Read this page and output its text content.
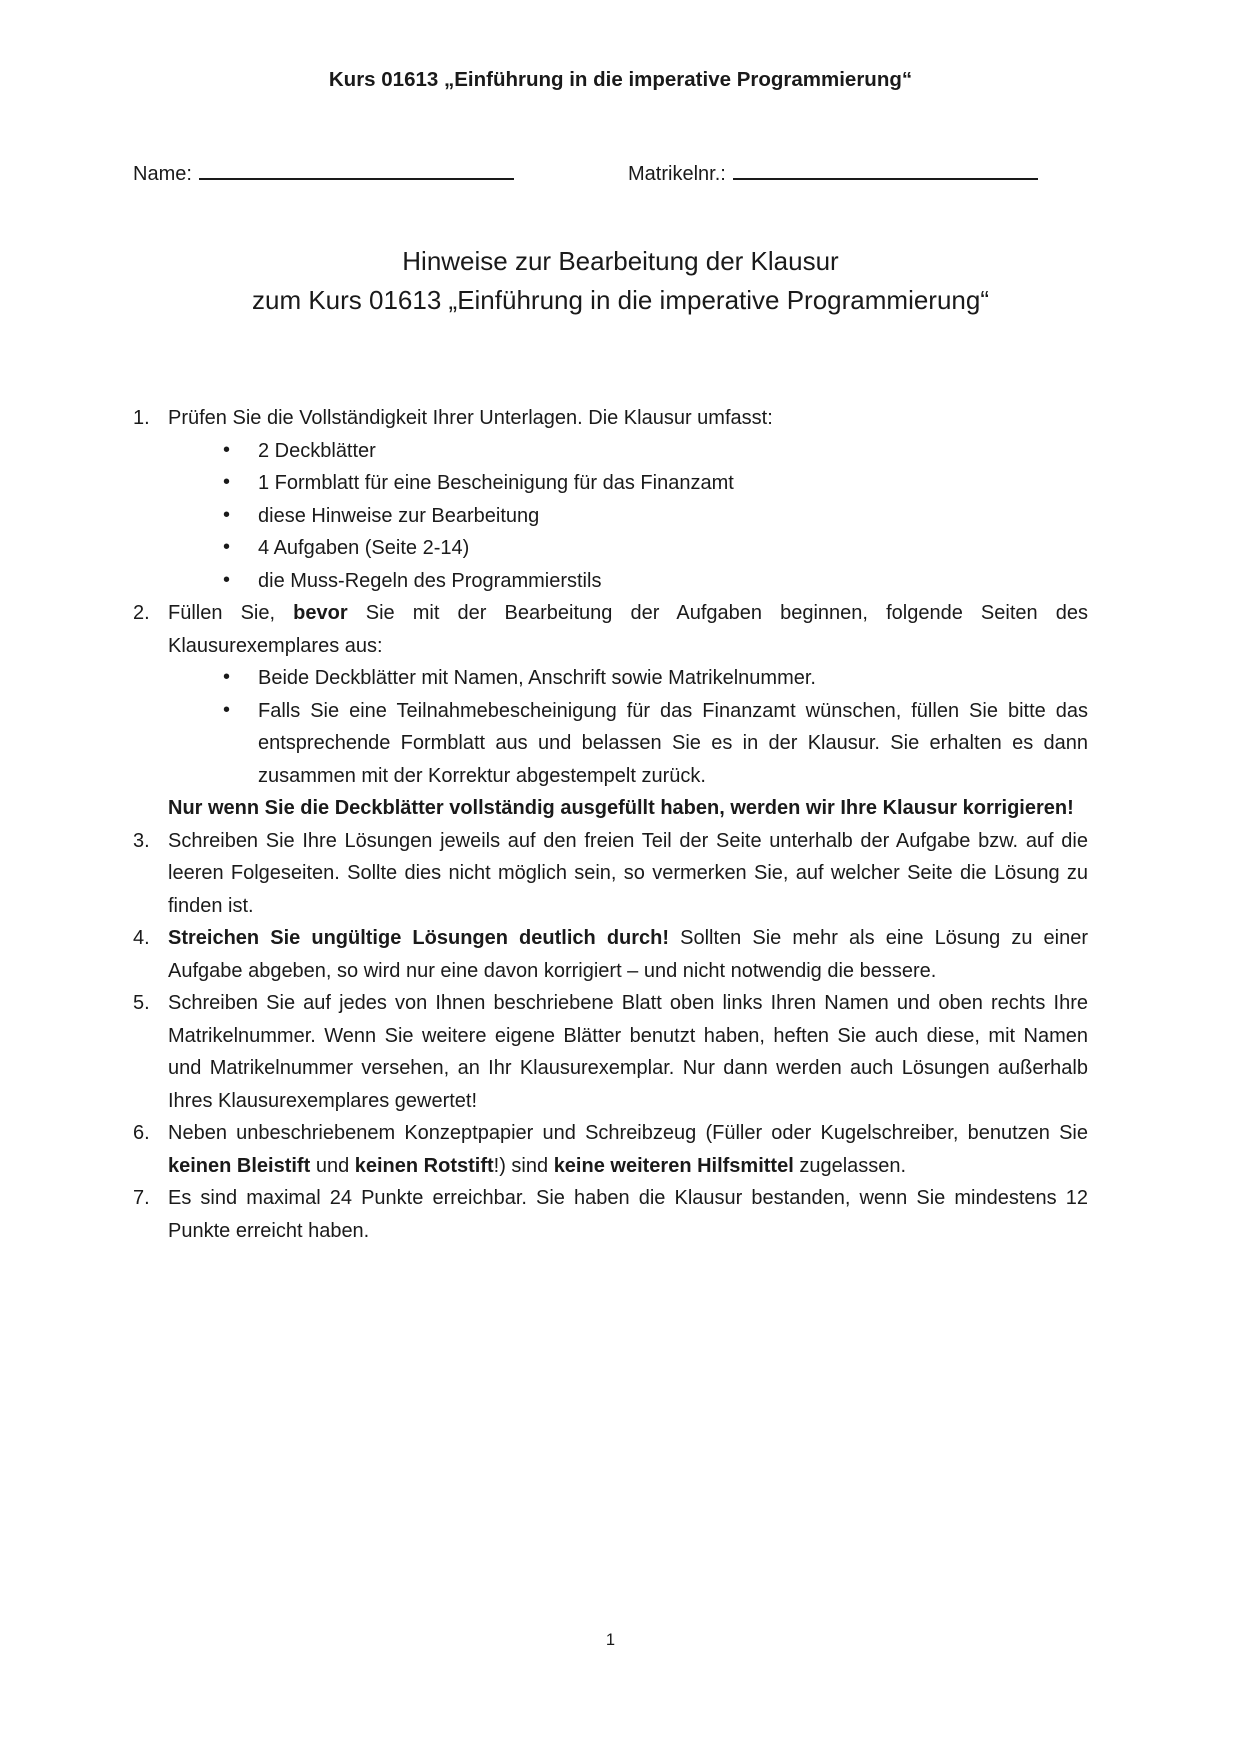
Kurs 01613 „Einführung in die imperative Programmierung“
Name:	Matrikelnr.:
Hinweise zur Bearbeitung der Klausur
zum Kurs 01613 „Einführung in die imperative Programmierung“
1. Prüfen Sie die Vollständigkeit Ihrer Unterlagen. Die Klausur umfasst:
• 2 Deckblätter
• 1 Formblatt für eine Bescheinigung für das Finanzamt
• diese Hinweise zur Bearbeitung
• 4 Aufgaben (Seite 2-14)
• die Muss-Regeln des Programmierstils
2. Füllen Sie, bevor Sie mit der Bearbeitung der Aufgaben beginnen, folgende Seiten des Klausurexemplares aus:
• Beide Deckblätter mit Namen, Anschrift sowie Matrikelnummer.
• Falls Sie eine Teilnahmebescheinigung für das Finanzamt wünschen, füllen Sie bitte das entsprechende Formblatt aus und belassen Sie es in der Klausur. Sie erhalten es dann zusammen mit der Korrektur abgestempelt zurück.
Nur wenn Sie die Deckblätter vollständig ausgefüllt haben, werden wir Ihre Klausur korrigieren!
3. Schreiben Sie Ihre Lösungen jeweils auf den freien Teil der Seite unterhalb der Aufgabe bzw. auf die leeren Folgeseiten. Sollte dies nicht möglich sein, so vermerken Sie, auf welcher Seite die Lösung zu finden ist.
4. Streichen Sie ungültige Lösungen deutlich durch! Sollten Sie mehr als eine Lösung zu einer Aufgabe abgeben, so wird nur eine davon korrigiert – und nicht notwendig die bessere.
5. Schreiben Sie auf jedes von Ihnen beschriebene Blatt oben links Ihren Namen und oben rechts Ihre Matrikelnummer. Wenn Sie weitere eigene Blätter benutzt haben, heften Sie auch diese, mit Namen und Matrikelnummer versehen, an Ihr Klausurexemplar. Nur dann werden auch Lösungen außerhalb Ihres Klausurexemplares gewertet!
6. Neben unbeschriebenem Konzeptpapier und Schreibzeug (Füller oder Kugelschreiber, benutzen Sie keinen Bleistift und keinen Rotstift!) sind keine weiteren Hilfsmittel zugelassen.
7. Es sind maximal 24 Punkte erreichbar. Sie haben die Klausur bestanden, wenn Sie mindestens 12 Punkte erreicht haben.
1
